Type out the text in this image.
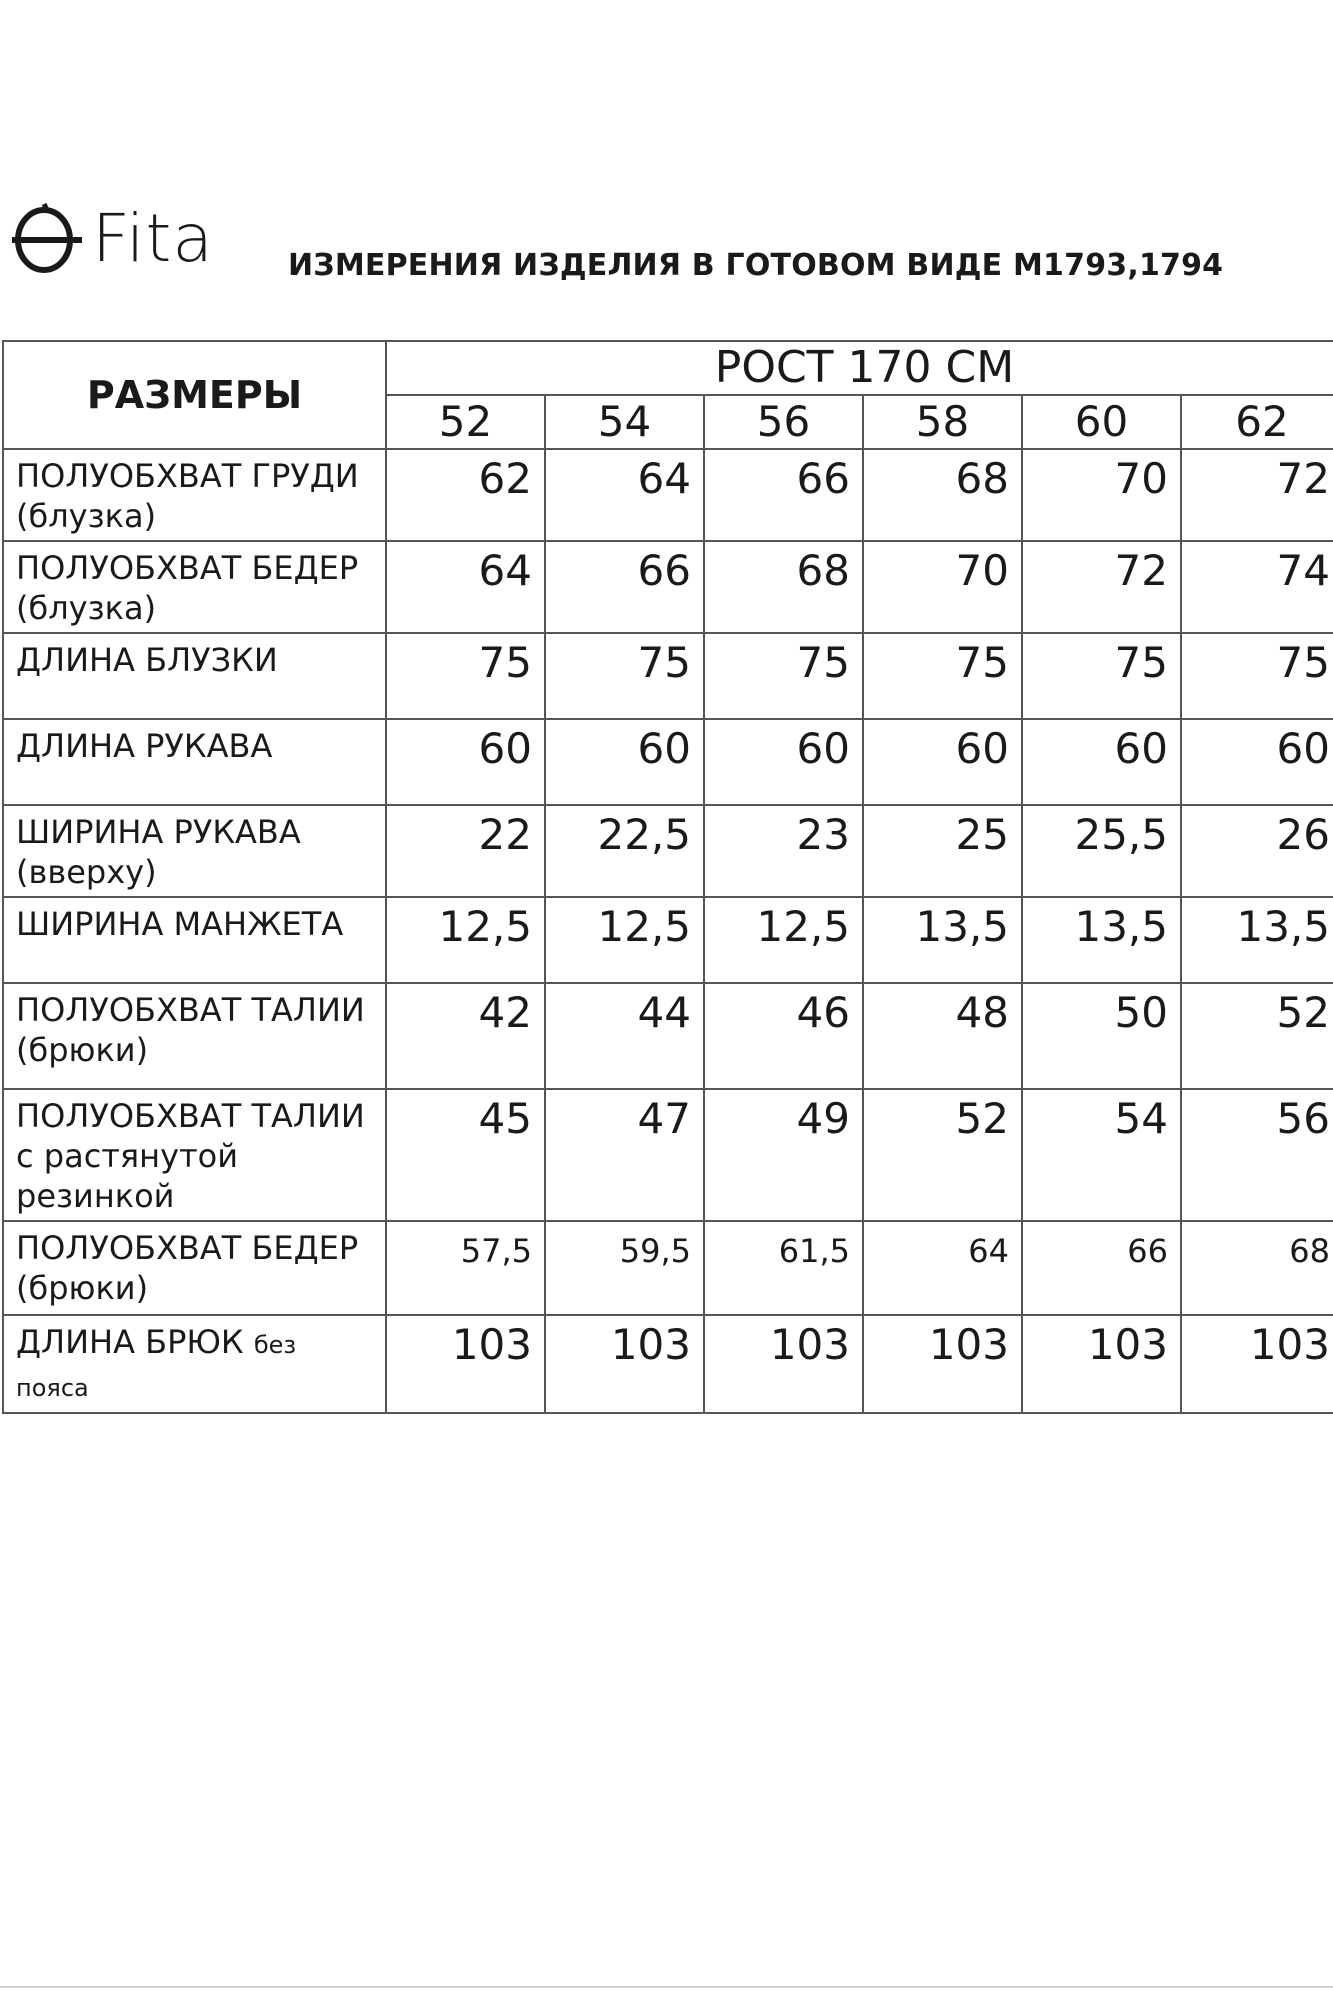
Fita ИЗМЕРЕНИЯ ИЗДЕЛИЯ В ГОТОВОМ ВИДЕ М1793,1794
РАЗМЕРЫ	РОСТ 170 СМ					
	52	54	56	58	60	62
ПОЛУОБХВАТ ГРУДИ (блузка)	62	64	66	68	70	72
ПОЛУОБХВАТ БЕДЕР (блузка)	64	66	68	70	72	74
ДЛИНА БЛУЗКИ	75	75	75	75	75	75
ДЛИНА РУКАВА	60	60	60	60	60	60
ШИРИНА РУКАВА (вверху)	22	22,5	23	25	25,5	26
ШИРИНА МАНЖЕТА	12,5	12,5	12,5	13,5	13,5	13,5
ПОЛУОБХВАТ ТАЛИИ (брюки)	42	44	46	48	50	52
ПОЛУОБХВАТ ТАЛИИ с растянутой резинкой	45	47	49	52	54	56
ПОЛУОБХВАТ БЕДЕР (брюки)	57,5	59,5	61,5	64	66	68
ДЛИНА БРЮК без пояса	103	103	103	103	103	103
